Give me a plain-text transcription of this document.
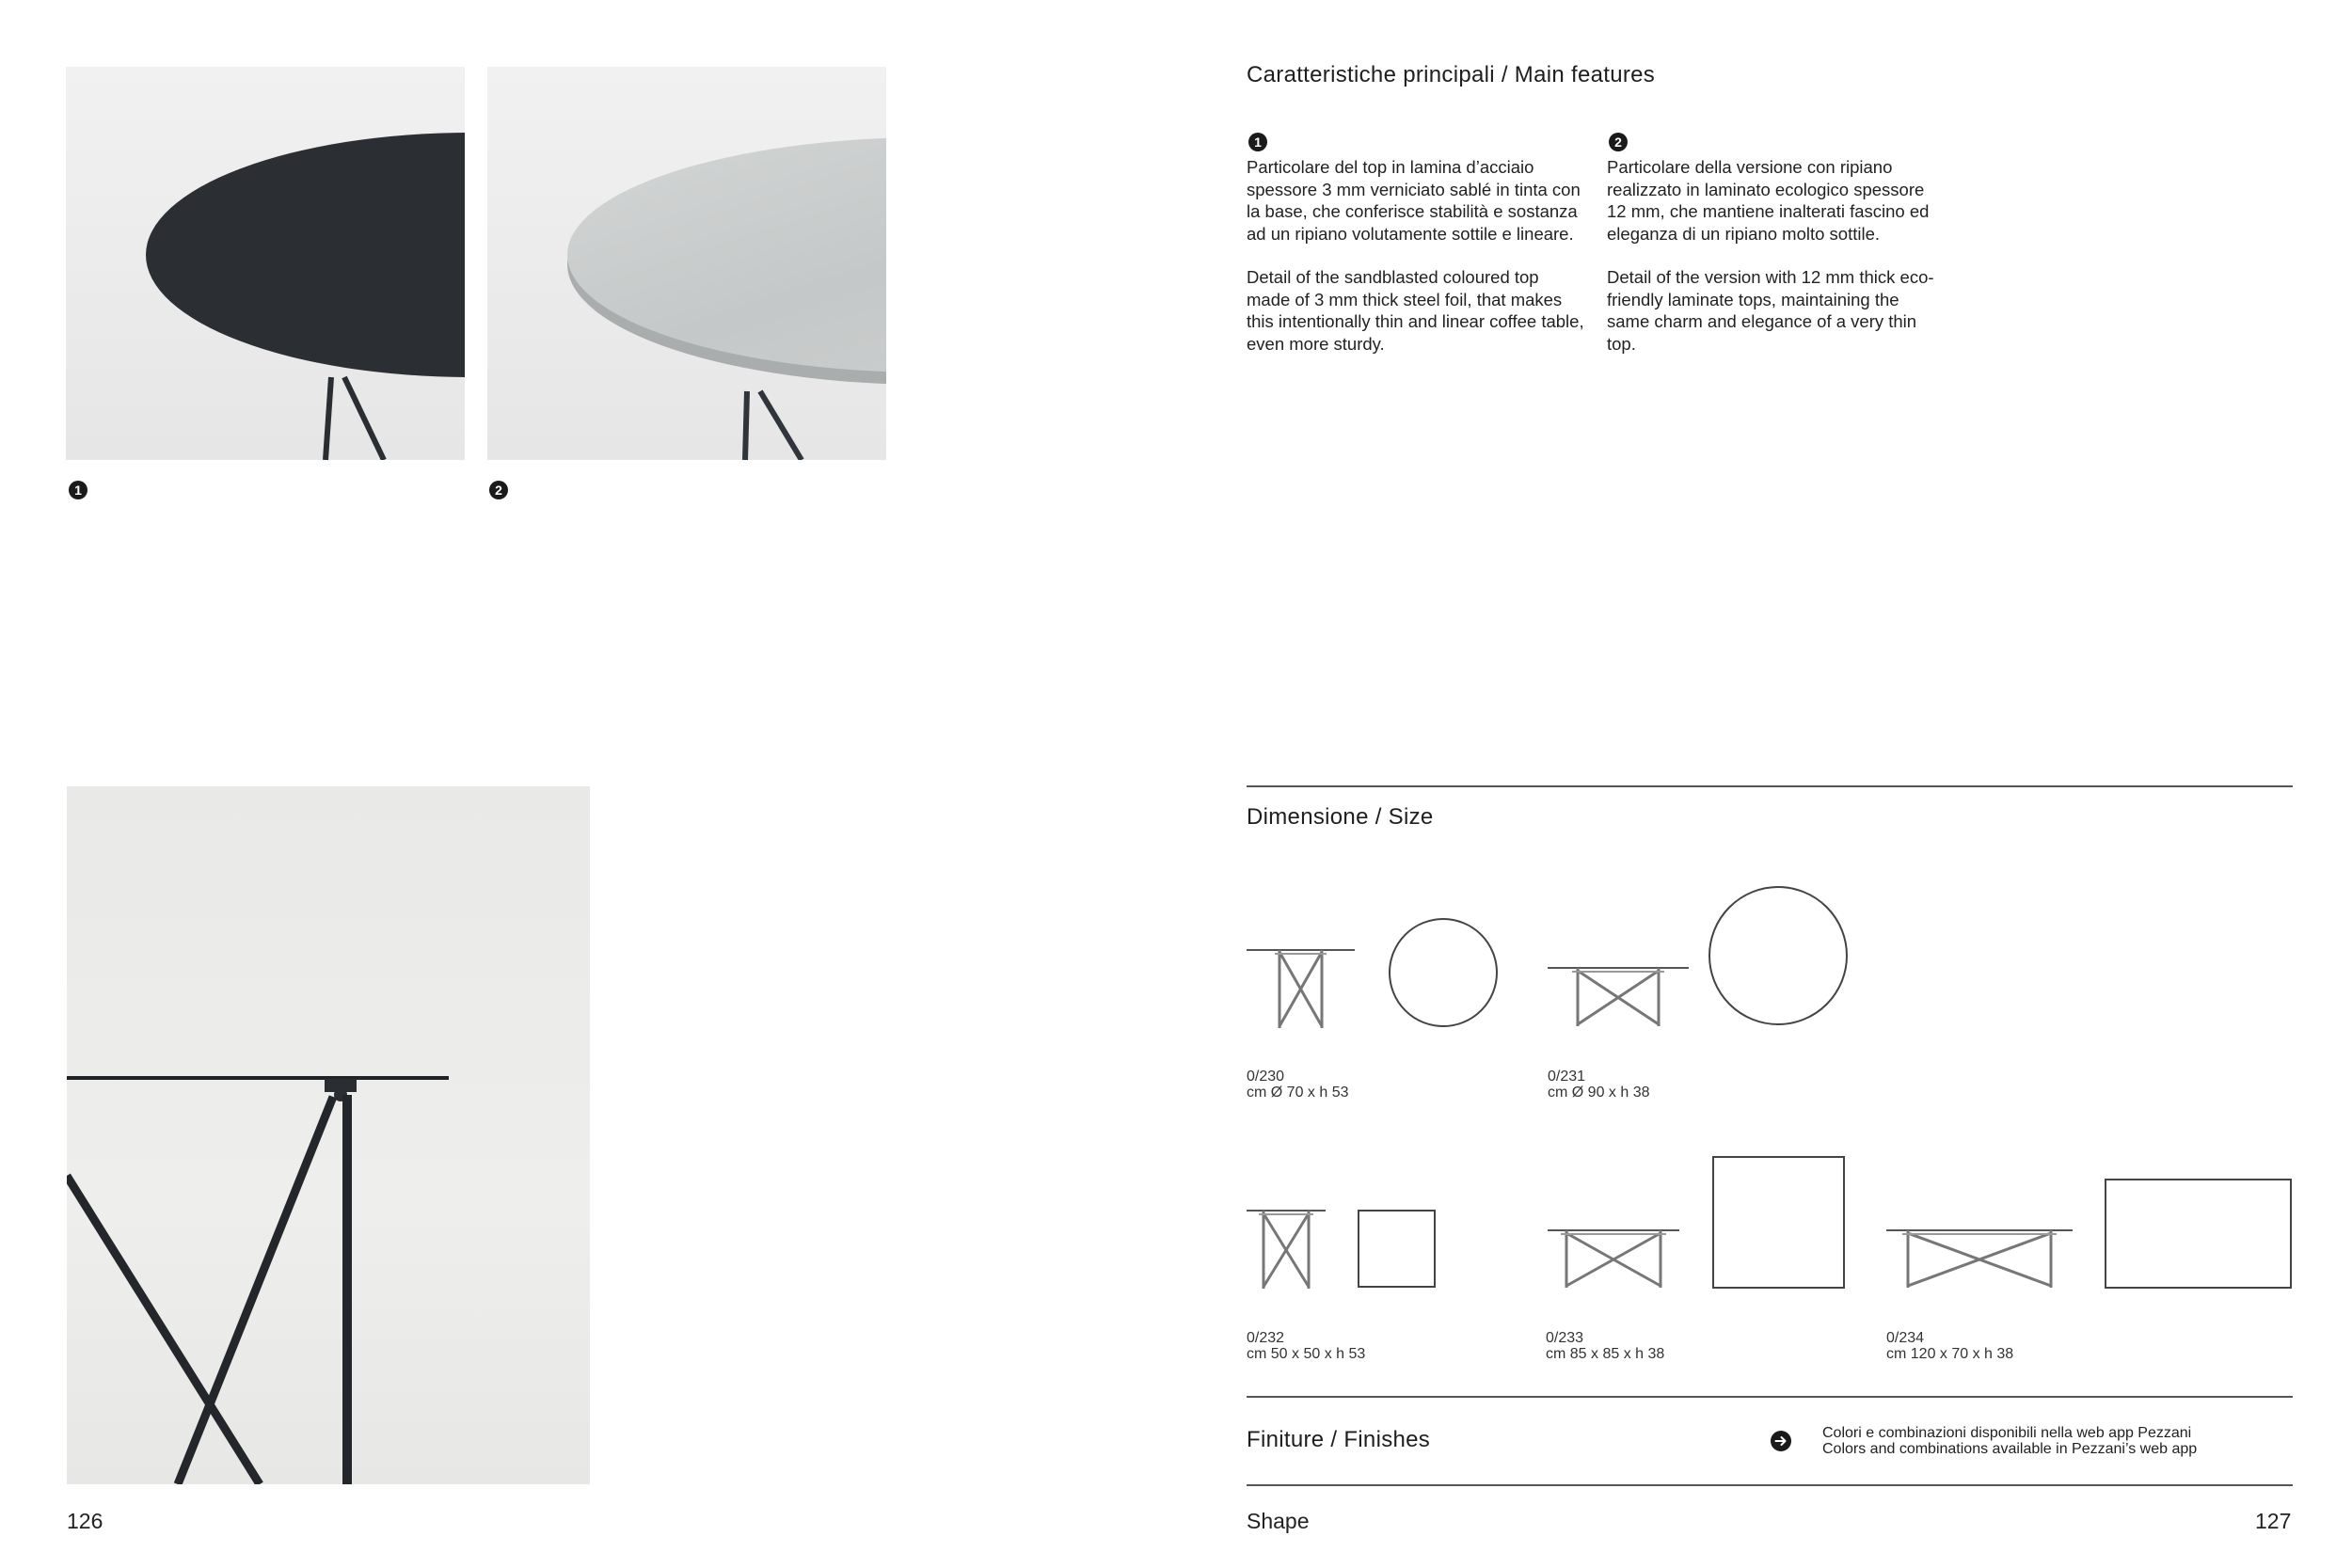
1	2
126
Caratteristiche principali / Main features
1

Particolare del top in lamina d’acciaio spessore 3 mm verniciato sablé in tinta con la base, che conferisce stabilità e sostanza ad un ripiano volutamente sottile e lineare.

Detail of the sandblasted coloured top made of 3 mm thick steel foil, that makes this intentionally thin and linear coffee table, even more sturdy.

2

Particolare della versione con ripiano realizzato in laminato ecologico spessore 12 mm, che mantiene inalterati fascino ed eleganza di un ripiano molto sottile.

Detail of the version with 12 mm thick eco-friendly laminate tops, maintaining the same charm and elegance of a very thin top.

Dimensione / Size
0/230
cm Ø 70 x h 53
0/231
cm Ø 90 x h 38
0/232
cm 50 x 50 x h 53
0/233
cm 85 x 85 x h 38
0/234
cm 120 x 70 x h 38
Finiture / Finishes	Colori e combinazioni disponibili nella web app Pezzani
Colors and combinations available in Pezzani’s web app
Shape	127
